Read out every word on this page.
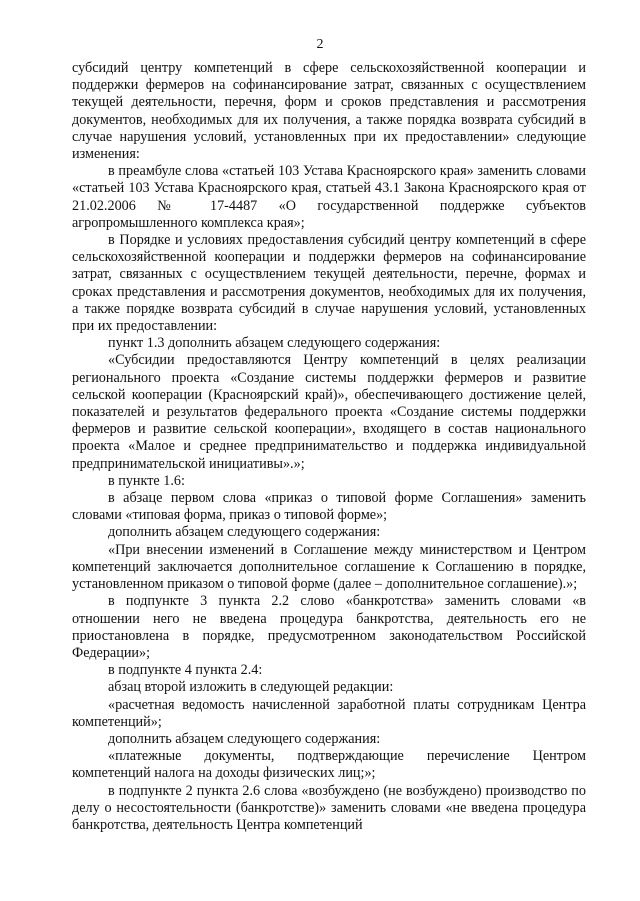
2

субсидий центру компетенций в сфере сельскохозяйственной кооперации и поддержки фермеров на софинансирование затрат, связанных с осуществлением текущей деятельности, перечня, форм и сроков представления и рассмотрения документов, необходимых для их получения, а также порядка возврата субсидий в случае нарушения условий, установленных при их предоставлении» следующие изменения:

в преамбуле слова «статьей 103 Устава Красноярского края» заменить словами «статьей 103 Устава Красноярского края, статьей 43.1 Закона Красноярского края от 21.02.2006 № 17-4487 «О государственной поддержке субъектов агропромышленного комплекса края»;

в Порядке и условиях предоставления субсидий центру компетенций в сфере сельскохозяйственной кооперации и поддержки фермеров на софинансирование затрат, связанных с осуществлением текущей деятельности, перечне, формах и сроках представления и рассмотрения документов, необходимых для их получения, а также порядке возврата субсидий в случае нарушения условий, установленных при их предоставлении:

пункт 1.3 дополнить абзацем следующего содержания:

«Субсидии предоставляются Центру компетенций в целях реализации регионального проекта «Создание системы поддержки фермеров и развитие сельской кооперации (Красноярский край)», обеспечивающего достижение целей, показателей и результатов федерального проекта «Создание системы поддержки фермеров и развитие сельской кооперации», входящего в состав национального проекта «Малое и среднее предпринимательство и поддержка индивидуальной предпринимательской инициативы».»;

в пункте 1.6:

в абзаце первом слова «приказ о типовой форме Соглашения» заменить словами «типовая форма, приказ о типовой форме»;

дополнить абзацем следующего содержания:

«При внесении изменений в Соглашение между министерством и Центром компетенций заключается дополнительное соглашение к Соглашению в порядке, установленном приказом о типовой форме (далее – дополнительное соглашение).»;

в подпункте 3 пункта 2.2 слово «банкротства» заменить словами «в отношении него не введена процедура банкротства, деятельность его не приостановлена в порядке, предусмотренном законодательством Российской Федерации»;

в подпункте 4 пункта 2.4:

абзац второй изложить в следующей редакции:

«расчетная ведомость начисленной заработной платы сотрудникам Центра компетенций»;

дополнить абзацем следующего содержания:

«платежные документы, подтверждающие перечисление Центром компетенций налога на доходы физических лиц;»;

в подпункте 2 пункта 2.6 слова «возбуждено (не возбуждено) производство по делу о несостоятельности (банкротстве)» заменить словами «не введена процедура банкротства, деятельность Центра компетенций
